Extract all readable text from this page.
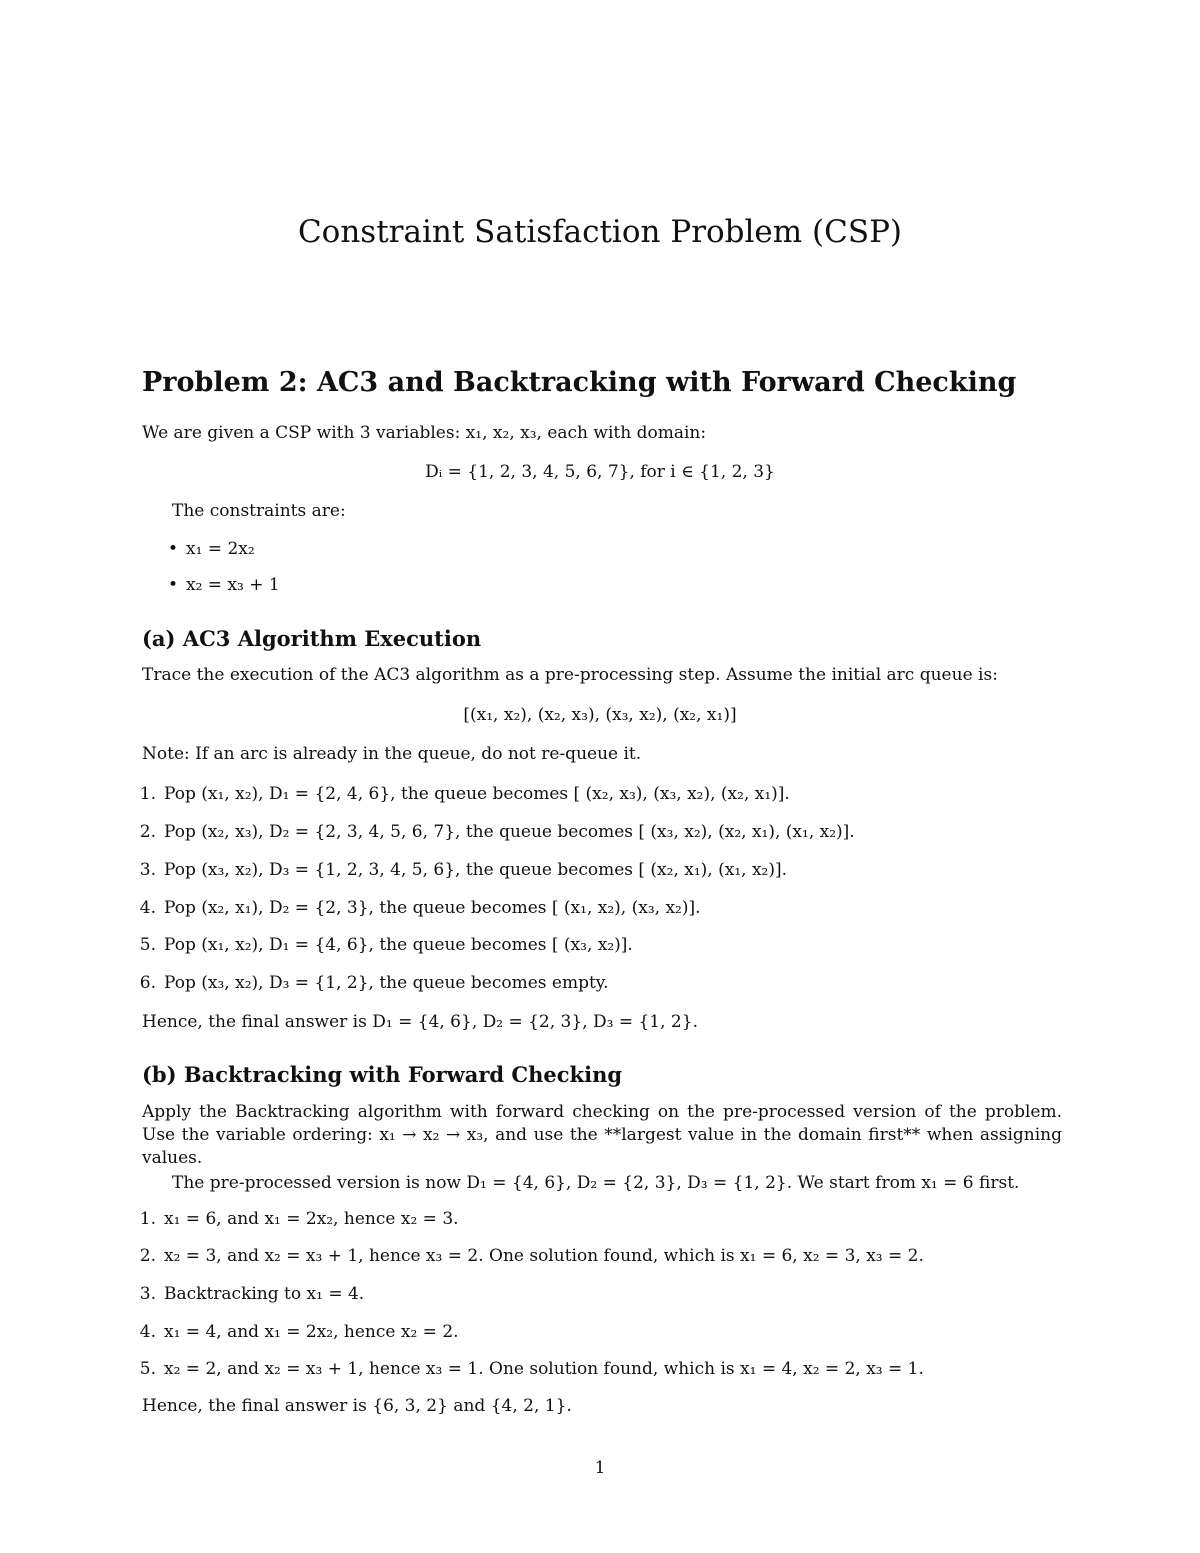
Constraint Satisfaction Problem (CSP)
Problem 2: AC3 and Backtracking with Forward Checking
We are given a CSP with 3 variables: x₁, x₂, x₃, each with domain:
Dᵢ = {1, 2, 3, 4, 5, 6, 7}, for i ∈ {1, 2, 3}
The constraints are:
• x₁ = 2x₂
• x₂ = x₃ + 1
(a) AC3 Algorithm Execution
Trace the execution of the AC3 algorithm as a pre-processing step. Assume the initial arc queue is:
[(x₁, x₂), (x₂, x₃), (x₃, x₂), (x₂, x₁)]
Note: If an arc is already in the queue, do not re-queue it.
1. Pop (x₁, x₂), D₁ = {2, 4, 6}, the queue becomes [ (x₂, x₃), (x₃, x₂), (x₂, x₁)].
2. Pop (x₂, x₃), D₂ = {2, 3, 4, 5, 6, 7}, the queue becomes [ (x₃, x₂), (x₂, x₁), (x₁, x₂)].
3. Pop (x₃, x₂), D₃ = {1, 2, 3, 4, 5, 6}, the queue becomes [ (x₂, x₁), (x₁, x₂)].
4. Pop (x₂, x₁), D₂ = {2, 3}, the queue becomes [ (x₁, x₂), (x₃, x₂)].
5. Pop (x₁, x₂), D₁ = {4, 6}, the queue becomes [ (x₃, x₂)].
6. Pop (x₃, x₂), D₃ = {1, 2}, the queue becomes empty.
Hence, the final answer is D₁ = {4, 6}, D₂ = {2, 3}, D₃ = {1, 2}.
(b) Backtracking with Forward Checking
Apply the Backtracking algorithm with forward checking on the pre-processed version of the problem. Use the variable ordering: x₁ → x₂ → x₃, and use the **largest value in the domain first** when assigning values.
The pre-processed version is now D₁ = {4, 6}, D₂ = {2, 3}, D₃ = {1, 2}. We start from x₁ = 6 first.
1. x₁ = 6, and x₁ = 2x₂, hence x₂ = 3.
2. x₂ = 3, and x₂ = x₃ + 1, hence x₃ = 2. One solution found, which is x₁ = 6, x₂ = 3, x₃ = 2.
3. Backtracking to x₁ = 4.
4. x₁ = 4, and x₁ = 2x₂, hence x₂ = 2.
5. x₂ = 2, and x₂ = x₃ + 1, hence x₃ = 1. One solution found, which is x₁ = 4, x₂ = 2, x₃ = 1.
Hence, the final answer is {6, 3, 2} and {4, 2, 1}.
1
